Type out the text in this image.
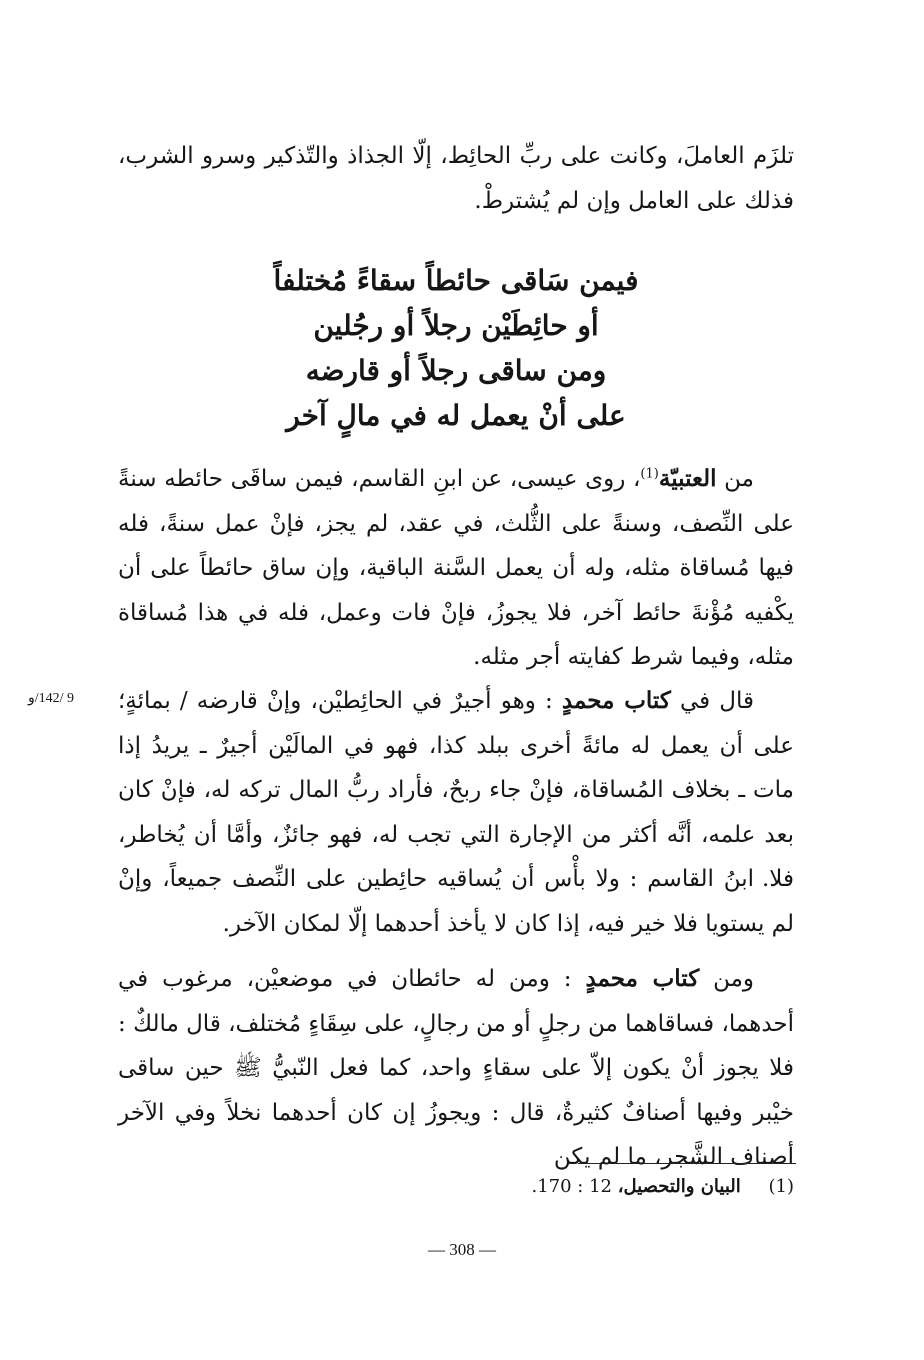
تلزَم العاملَ، وكانت على ربِّ الحائِط، إلّا الجذاذ والتّذكير وسرو الشرب، فذلك على العامل وإن لم يُشترطْ.

فيمن سَاقى حائطاً سقاءً مُختلفاً
أو حائِطَيْن رجلاً أو رجُلين
ومن ساقى رجلاً أو قارضه
على أنْ يعمل له في مالٍ آخر

من العتبيّة$^{(1)}$، روى عيسى، عن ابنِ القاسم، فيمن ساقَى حائطه سنةً على النِّصف، وسنةً على الثُّلث، في عقد، لم يجز، فإنْ عمل سنةً، فله فيها مُساقاة مثله، وله أن يعمل السَّنة الباقية، وإن ساق حائطاً على أن يكْفيه مُؤْنةَ حائط آخر، فلا يجوزُ، فإنْ فات وعمل، فله في هذا مُساقاة مثله، وفيما شرط كفايته أجر مثله.

9 /142/و	قال في كتاب محمدٍ : وهو أجيرٌ في الحائِطيْن، وإنْ قارضه / بمائةٍ؛ على أن يعمل له مائةً أخرى ببلد كذا، فهو في المالَيْن أجيرٌ ـ يريدُ إذا مات ـ بخلاف المُساقاة، فإنْ جاء ربحٌ، فأراد ربُّ المال تركه له، فإنْ كان بعد علمه، أنَّه أكثر من الإجارة التي تجب له، فهو جائزٌ، وأمَّا أن يُخاطر، فلا.

ابنُ القاسم : ولا بأْس أن يُساقيه حائِطين على النِّصف جميعاً، وإنْ لم يستويا فلا خير فيه، إذا كان لا يأخذ أحدهما إلّا لمكان الآخر.

ومن كتاب محمدٍ : ومن له حائطان في موضعيْن، مرغوب في أحدهما، فساقاهما من رجلٍ أو من رجالٍ، على سِقَاءٍ مُختلف، قال مالكٌ : فلا يجوز أنْ يكون إلاّ على سقاءٍ واحد، كما فعل النّبيُّ ﷺ حين ساقى خيْبر وفيها أصنافٌ كثيرةٌ، قال : ويجوزُ إن كان أحدهما نخلاً وفي الآخر أصناف الشَّجر، ما لم يكن

(1) البيان والتحصيل، 12 : 170.
— 308 —
